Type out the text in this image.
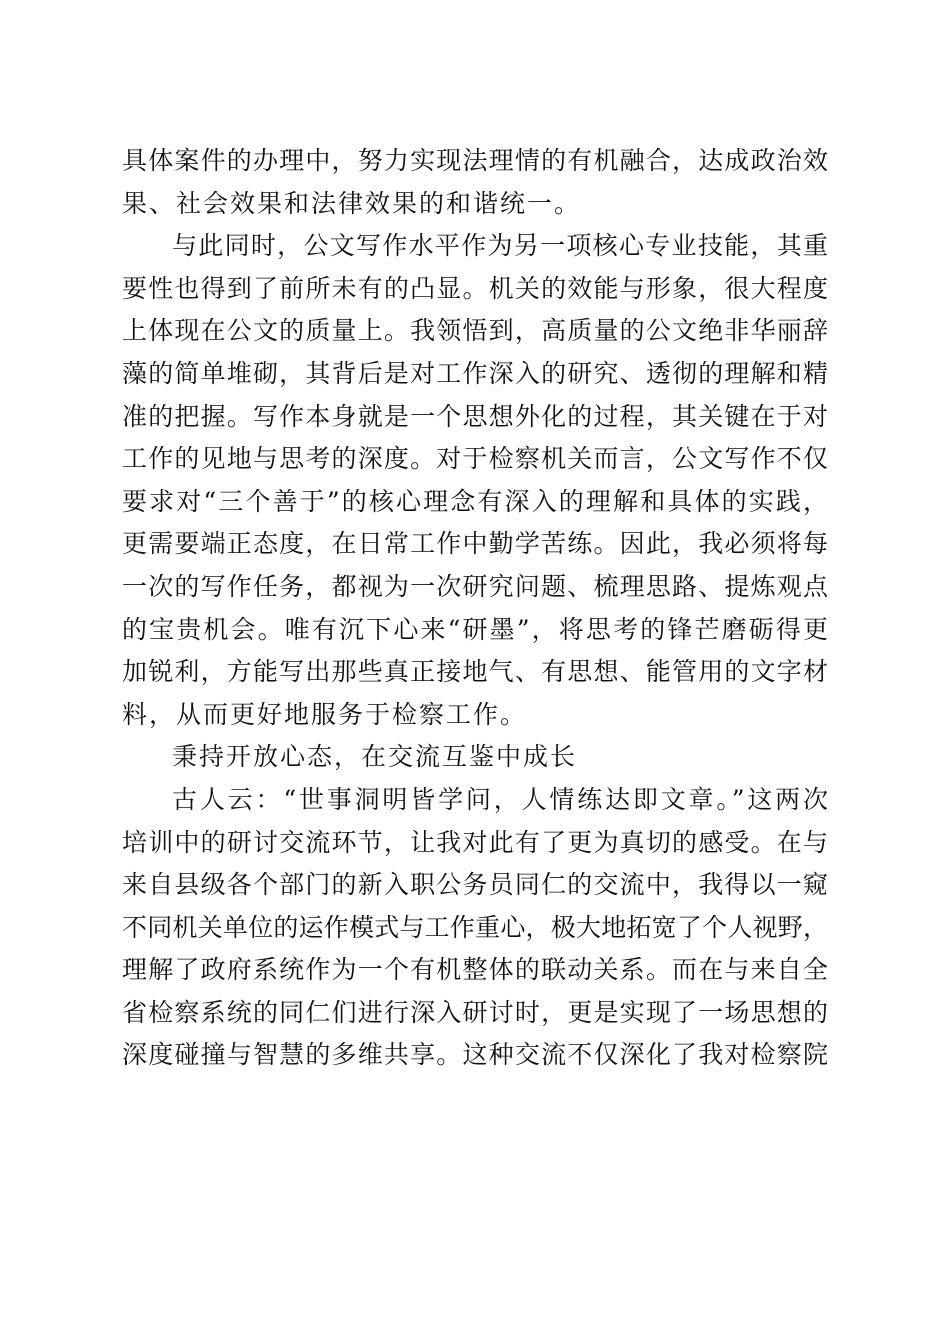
具体案件的办理中，努力实现法理情的有机融合，达成政治效
果、社会效果和法律效果的和谐统一。
与此同时，公文写作水平作为另一项核心专业技能，其重
要性也得到了前所未有的凸显。机关的效能与形象，很大程度
上体现在公文的质量上。我领悟到，高质量的公文绝非华丽辞
藻的简单堆砌，其背后是对工作深入的研究、透彻的理解和精
准的把握。写作本身就是一个思想外化的过程，其关键在于对
工作的见地与思考的深度。对于检察机关而言，公文写作不仅
要求对“三个善于”的核心理念有深入的理解和具体的实践，
更需要端正态度，在日常工作中勤学苦练。因此，我必须将每
一次的写作任务，都视为一次研究问题、梳理思路、提炼观点
的宝贵机会。唯有沉下心来“研墨”，将思考的锋芒磨砺得更
加锐利，方能写出那些真正接地气、有思想、能管用的文字材
料，从而更好地服务于检察工作。
秉持开放心态，在交流互鉴中成长
古人云：“世事洞明皆学问，人情练达即文章。”这两次
培训中的研讨交流环节，让我对此有了更为真切的感受。在与
来自县级各个部门的新入职公务员同仁的交流中，我得以一窥
不同机关单位的运作模式与工作重心，极大地拓宽了个人视野，
理解了政府系统作为一个有机整体的联动关系。而在与来自全
省检察系统的同仁们进行深入研讨时，更是实现了一场思想的
深度碰撞与智慧的多维共享。这种交流不仅深化了我对检察院
